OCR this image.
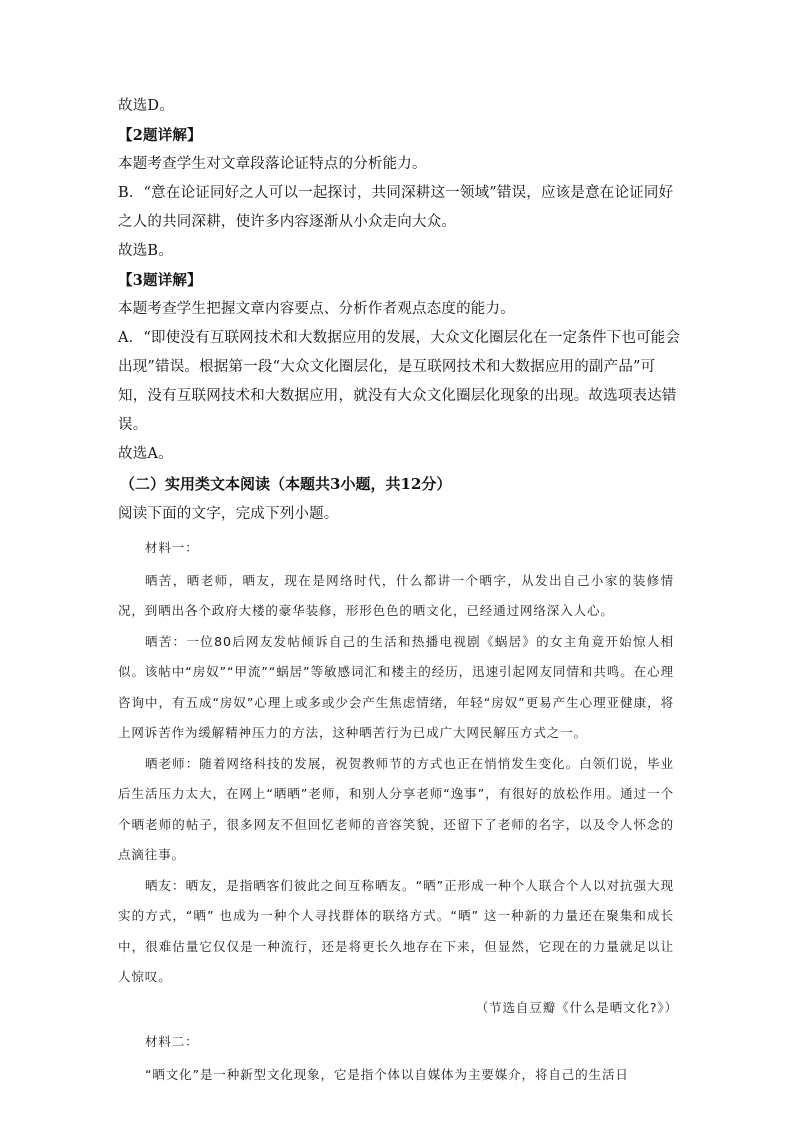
故选D。

【2题详解】

本题考查学生对文章段落论证特点的分析能力。

B．“意在论证同好之人可以一起探讨，共同深耕这一领域”错误，应该是意在论证同好

之人的共同深耕，使许多内容逐渐从小众走向大众。

故选B。

【3题详解】

本题考查学生把握文章内容要点、分析作者观点态度的能力。

A．“即使没有互联网技术和大数据应用的发展，大众文化圈层化在一定条件下也可能会

出现”错误。根据第一段“大众文化圈层化，是互联网技术和大数据应用的副产品”可

知，没有互联网技术和大数据应用，就没有大众文化圈层化现象的出现。故选项表达错

误。

故选A。

（二）实用类文本阅读（本题共3小题，共12分）

阅读下面的文字，完成下列小题。

材料一：

晒苦，晒老师，晒友，现在是网络时代，什么都讲一个晒字，从发出自己小家的装修情况，到晒出各个政府大楼的豪华装修，形形色色的晒文化，已经通过网络深入人心。

晒苦：一位80后网友发帖倾诉自己的生活和热播电视剧《蜗居》的女主角竟开始惊人相似。该帖中“房奴”“甲流”“蜗居”等敏感词汇和楼主的经历，迅速引起网友同情和共鸣。在心理咨询中，有五成“房奴”心理上或多或少会产生焦虑情绪，年轻“房奴”更易产生心理亚健康，将上网诉苦作为缓解精神压力的方法，这种晒苦行为已成广大网民解压方式之一。

晒老师：随着网络科技的发展，祝贺教师节的方式也正在悄悄发生变化。白领们说，毕业后生活压力太大，在网上“晒晒”老师，和别人分享老师“逸事”，有很好的放松作用。通过一个个晒老师的帖子，很多网友不但回忆老师的音容笑貌，还留下了老师的名字，以及令人怀念的点滴往事。

晒友：晒友，是指晒客们彼此之间互称晒友。“晒”正形成一种个人联合个人以对抗强大现实的方式，“晒” 也成为一种个人寻找群体的联络方式。“晒” 这一种新的力量还在聚集和成长中，很难估量它仅仅是一种流行，还是将更长久地存在下来，但显然，它现在的力量就足以让人惊叹。

（节选自豆瓣《什么是晒文化?》）

材料二：

“晒文化”是一种新型文化现象，它是指个体以自媒体为主要媒介，将自己的生活日
